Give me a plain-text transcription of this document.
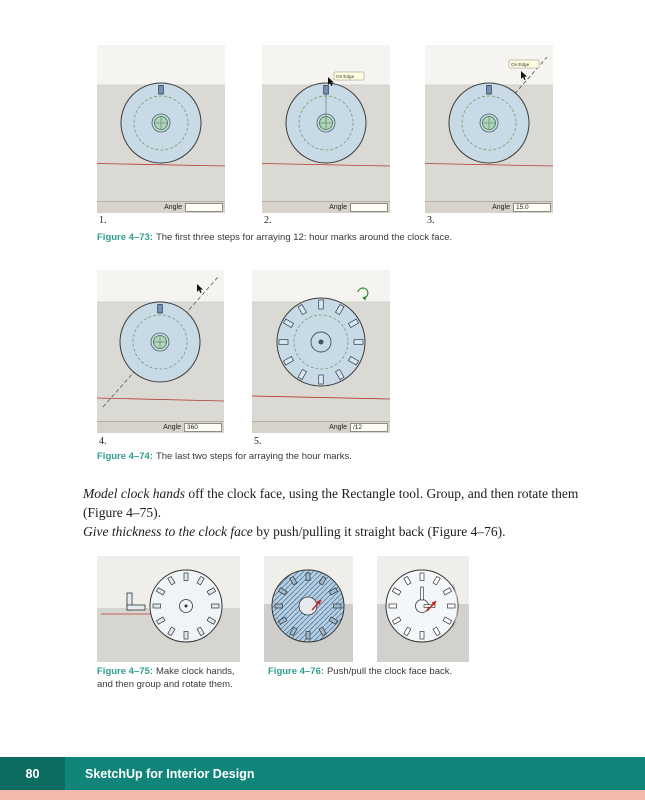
Angle
On Edge
Angle
On Edge
Angle 15.0
1.	2.	3.
Figure 4–73: The first three steps for arraying 12: hour marks around the clock face.
Angle 360	Angle /12
4.	5.
Figure 4–74: The last two steps for arraying the hour marks.
Model clock hands off the clock face, using the Rectangle tool. Group, and then rotate them
(Figure 4–75).
Give thickness to the clock face by push/pulling it straight back (Figure 4–76).
Figure 4–75: Make clock hands,
and then group and rotate them.
Figure 4–76: Push/pull the clock face back.
80	SketchUp for Interior Design
